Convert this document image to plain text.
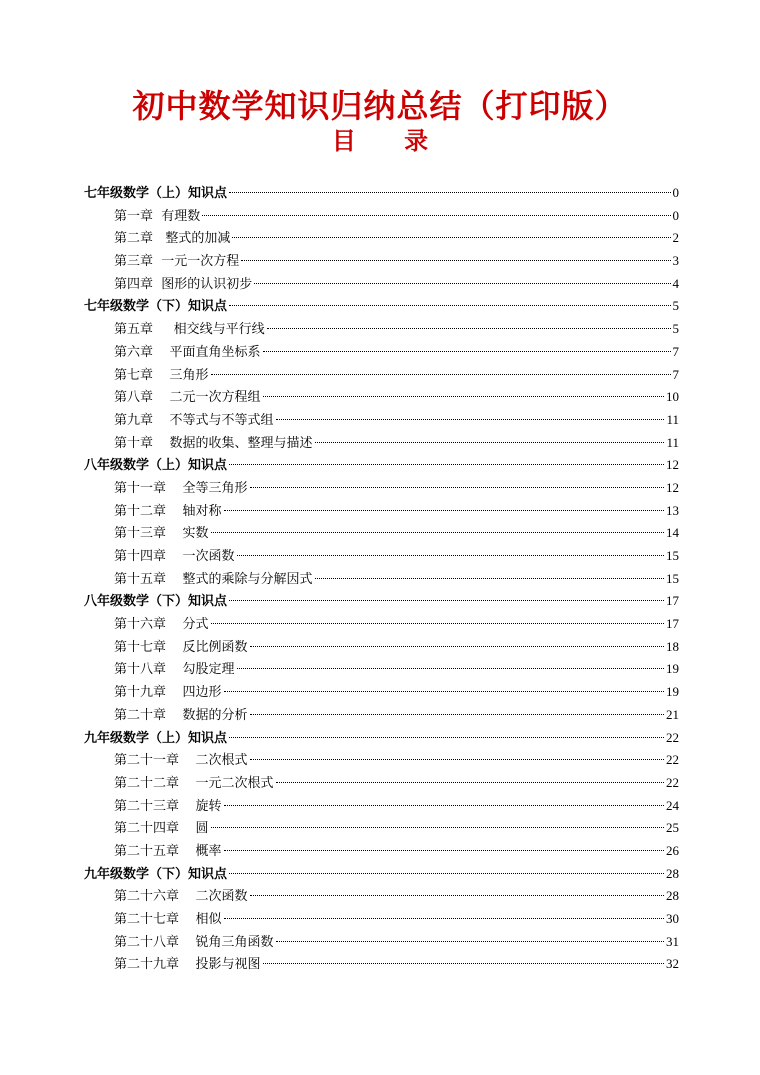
初中数学知识归纳总结（打印版）
目 录
七年级数学（上）知识点	0
第一章  有理数	0
第二章   整式的加减	2
第三章  一元一次方程	3
第四章  图形的认识初步	4
七年级数学（下）知识点	5
第五章     相交线与平行线	5
第六章    平面直角坐标系	7
第七章    三角形	7
第八章    二元一次方程组	10
第九章    不等式与不等式组	11
第十章    数据的收集、整理与描述	11
八年级数学（上）知识点	12
第十一章    全等三角形	12
第十二章    轴对称	13
第十三章    实数	14
第十四章    一次函数	15
第十五章    整式的乘除与分解因式	15
八年级数学（下）知识点	17
第十六章    分式	17
第十七章    反比例函数	18
第十八章    勾股定理	19
第十九章    四边形	19
第二十章    数据的分析	21
九年级数学（上）知识点	22
第二十一章    二次根式	22
第二十二章    一元二次根式	22
第二十三章    旋转	24
第二十四章    圆	25
第二十五章    概率	26
九年级数学（下）知识点	28
第二十六章    二次函数	28
第二十七章    相似	30
第二十八章    锐角三角函数	31
第二十九章    投影与视图	32
